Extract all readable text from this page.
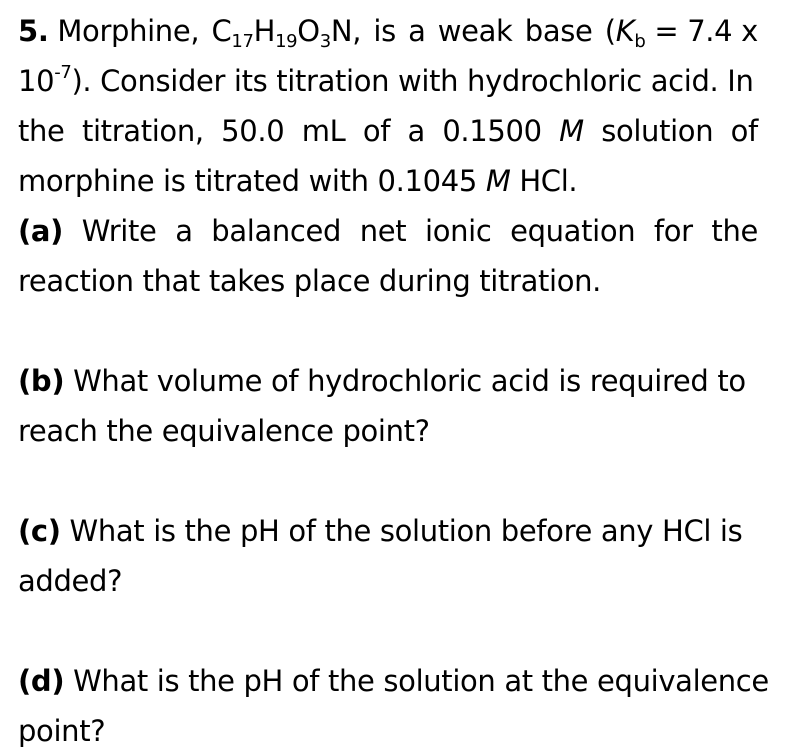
5. Morphine, $C_{17}H_{19}O_3N$, is a weak base ($K_b = 7.4$ x
$10^{-7}$). Consider its titration with hydrochloric acid. In
the titration, 50.0 mL of a 0.1500 M solution of
morphine is titrated with 0.1045 M HCl.
(a) Write a balanced net ionic equation for the
reaction that takes place during titration.
(b) What volume of hydrochloric acid is required to
reach the equivalence point?
(c) What is the pH of the solution before any HCl is
added?
(d) What is the pH of the solution at the equivalence
point?
